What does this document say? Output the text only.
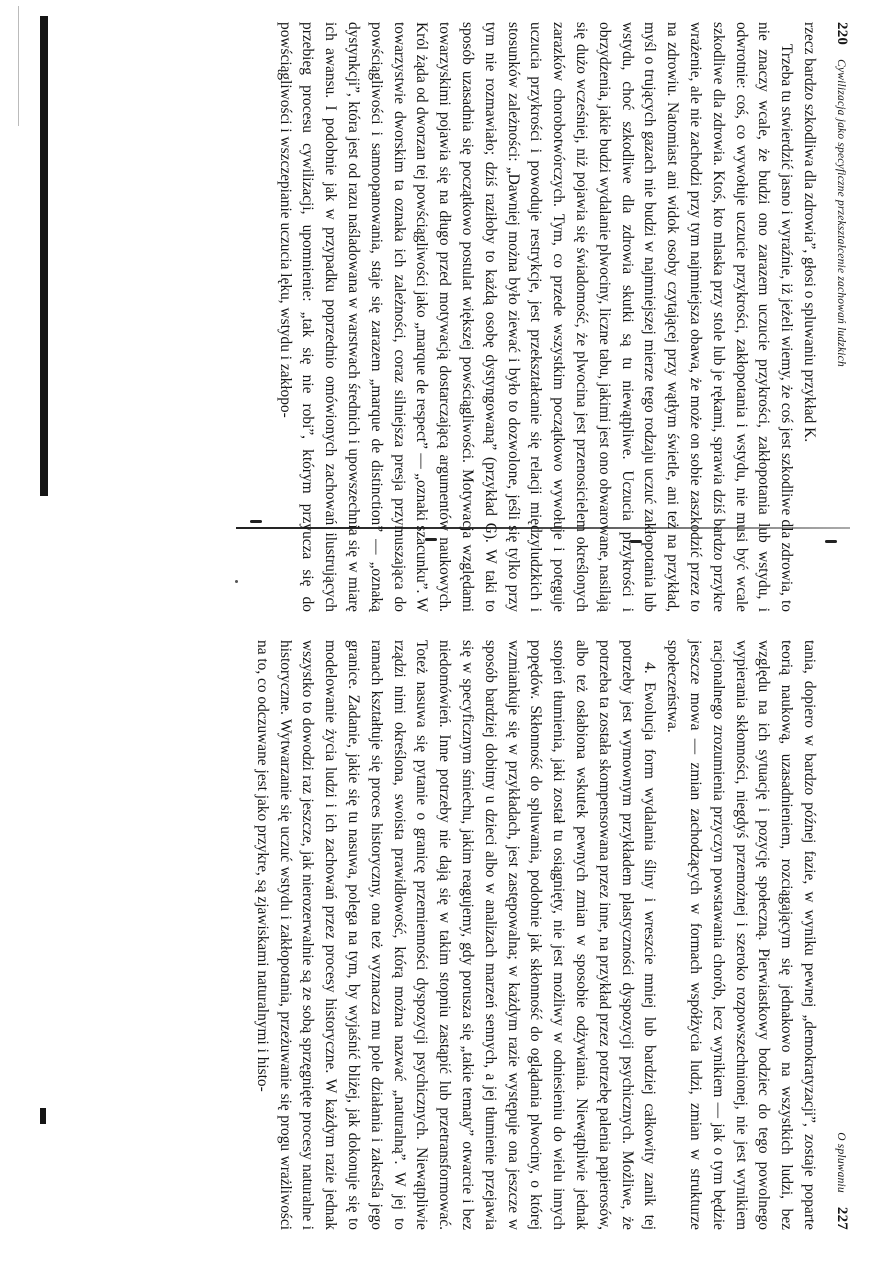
220
Cywilizacja jako specyficzne przekształcenie zachowań ludzkich

rzecz bardzo szkodliwa dla zdrowia”, głosi o spluwaniu przykład K.

Trzeba tu stwierdzić jasno i wyraźnie, iż jeżeli wiemy, że coś jest szkodliwe dla zdrowia, to nie znaczy wcale, że budzi ono zarazem uczucie przykrości, zakłopotania lub wstydu, i odwrotnie: coś, co wywołuje uczucie przykrości, zakłopotania i wstydu, nie musi być wcale szkodliwe dla zdrowia. Ktoś, kto mlaska przy stole lub je rękami, sprawia dziś bardzo przykre wrażenie, ale nie zachodzi przy tym najmniejsza obawa, że może on sobie zaszkodzić przez to na zdrowiu. Natomiast ani widok osoby czytającej przy wątłym świetle, ani też na przykład, myśl o trujących gazach nie budzi w najmniejszej mierze tego rodzaju uczuć zakłopotania lub wstydu, choć szkodliwe dla zdrowia skutki są tu niewątpliwe. Uczucia przykrości i obrzydzenia, jakie budzi wydalanie plwociny, liczne tabu, jakimi jest ono obwarowane, nasilają się dużo wcześniej, niż pojawia się świadomość, że plwocina jest przenosicielem określonych zarazków chorobotwórczych. Tym, co przede wszystkim początkowo wywołuje i potęguje uczucia przykrości i powoduje restrykcje, jest przekształcanie się relacji międzyludzkich i stosunków zależności: „Dawniej można było ziewać i było to dozwolone, jeśli się tylko przy tym nie rozmawiało; dziś raziłoby to każdą osobę dystyngowaną” (przykład G). W taki to sposób uzasadnia się początkowo postulat większej powściągliwości. Motywacja względami towarzyskimi pojawia się na długo przed motywacją dostarczającą argumentów naukowych. Król żąda od dworzan tej powściągliwości jako „marque de respect” — „oznaki szacunku”. W towarzystwie dworskim ta oznaka ich zależności, coraz silniejsza presja przymuszająca do powściągliwości i samoopanowania, staje się zarazem „marque de distinction” — „oznaką dystynkcji”, która jest od razu naśladowana w warstwach średnich i upowszechnia się w miarę ich awansu. I podobnie jak w przypadku poprzednio omówionych zachowań ilustrujących przebieg procesu cywilizacji, upomnienie: „tak się nie robi”, którym przyucza się do powściągliwości i wszczepianie uczucia lęku, wstydu i zakłopo-

O spluwaniu
227

tania, dopiero w bardzo późnej fazie, w wyniku pewnej „demokratyzacji”, zostaje poparte teorią naukową, uzasadnieniem, rozciągającym się jednakowo na wszystkich ludzi, bez względu na ich sytuację i pozycję społeczną. Pierwiastkowy bodziec do tego powolnego wypierania skłonności, niegdyś przemożnej i szeroko rozpowszechnionej, nie jest wynikiem racjonalnego zrozumienia przyczyn powstawania chorób, lecz wynikiem — jak o tym będzie jeszcze mowa — zmian zachodzących w formach współżycia ludzi, zmian w strukturze społeczeństwa.

4. Ewolucja form wydalania śliny i wreszcie mniej lub bardziej całkowity zanik tej potrzeby jest wymownym przykładem plastyczności dyspozycji psychicznych. Możliwe, że potrzeba ta została skompensowana przez inne, na przykład przez potrzebę palenia papierosów, albo też osłabiona wskutek pewnych zmian w sposobie odżywiania. Niewątpliwie jednak stopień tłumienia, jaki został tu osiągnięty, nie jest możliwy w odniesieniu do wielu innych popędów. Skłonność do spluwania, podobnie jak skłonność do oglądania plwociny, o której wzmiankuje się w przykładach, jest zastępowalna; w każdym razie występuje ona jeszcze w sposób bardziej dobitny u dzieci albo w analizach marzeń sennych, a jej tłumienie przejawia się w specyficznym śmiechu, jakim reagujemy, gdy porusza się „takie tematy” otwarcie i bez niedomówień. Inne potrzeby nie dają się w takim stopniu zastąpić lub przetransformować. Toteż nasuwa się pytanie o granicę przemienności dyspozycji psychicznych. Niewątpliwie rządzi nimi określona, swoista prawidłowość, którą można nazwać „naturalną”. W jej to ramach kształtuje się proces historyczny, ona też wyznacza mu pole działania i zakreśla jego granice. Zadanie, jakie się tu nasuwa, polega na tym, by wyjaśnić bliżej, jak dokonuje się to modelowanie życia ludzi i ich zachowań przez procesy historyczne. W każdym razie jednak wszystko to dowodzi raz jeszcze, jak nierozerwalnie są ze sobą sprzęgnięte procesy naturalne i historyczne. Wytwarzanie się uczuć wstydu i zakłopotania, przeżuwanie się progu wrażliwości na to, co odczuwane jest jako przykre, są zjawiskami naturalnymi i histo-
